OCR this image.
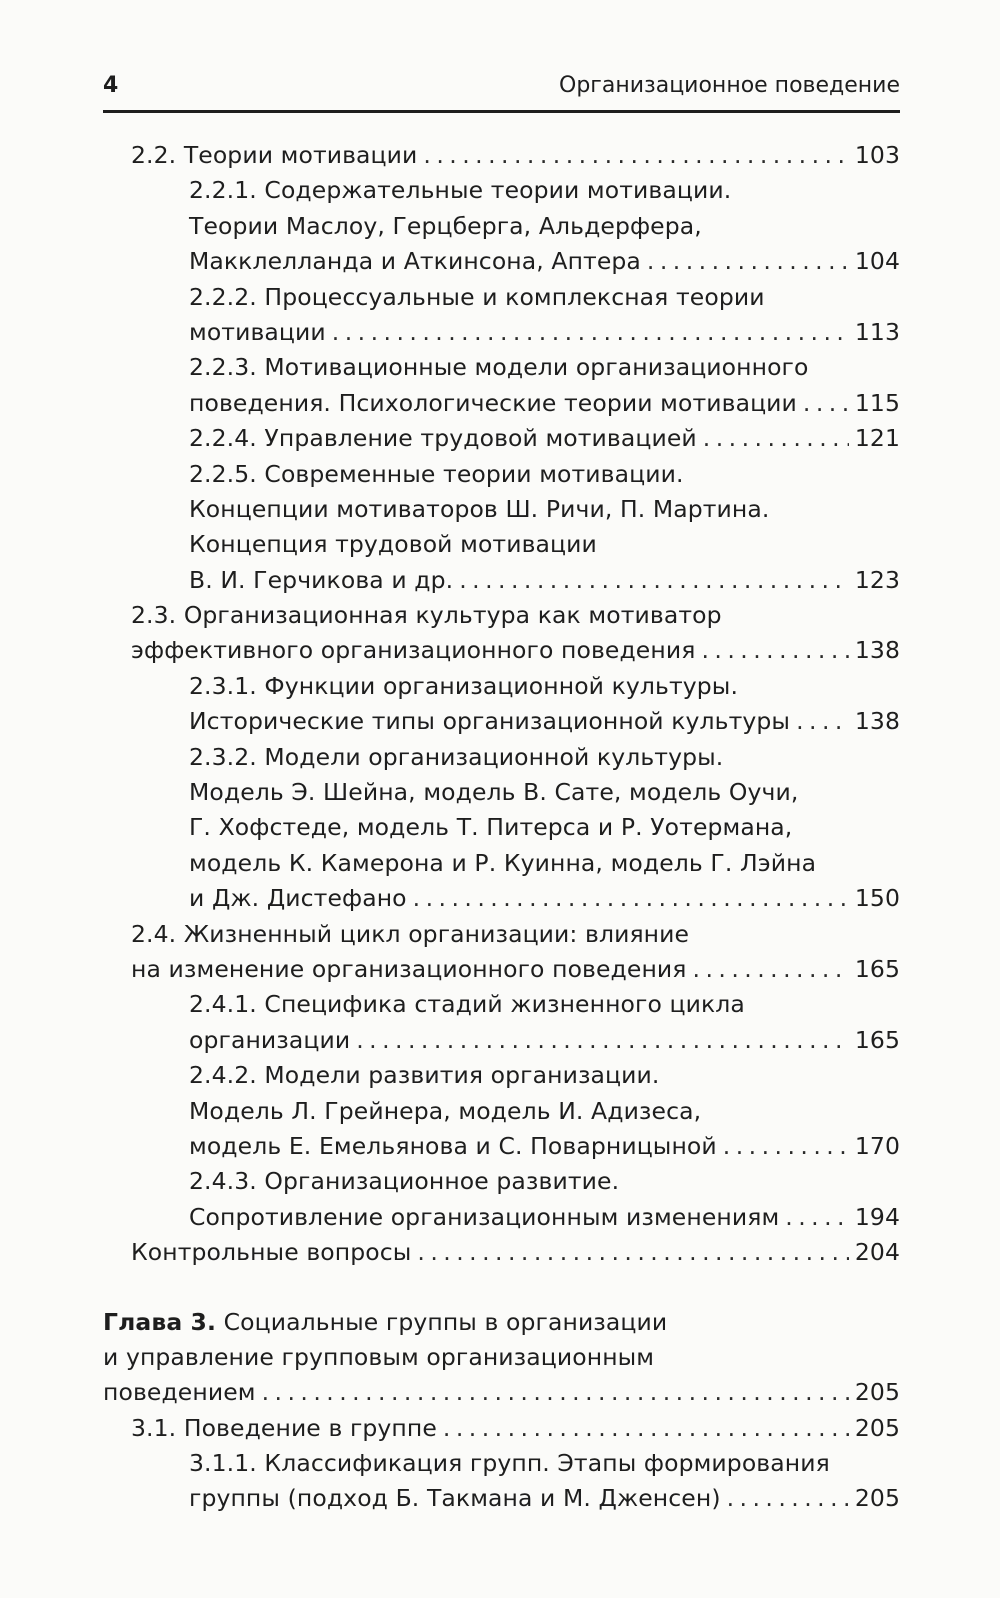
4	Организационное поведение
2.2. Теории мотивации . . .	103
2.2.1. Содержательные теории мотивации.
Теории Маслоу, Герцберга, Альдерфера,
Макклелланда и Аткинсона, Аптера . . .	104
2.2.2. Процессуальные и комплексная теории
мотивации . . .	113
2.2.3. Мотивационные модели организационного
поведения. Психологические теории мотивации . . . 115
2.2.4. Управление трудовой мотивацией . . .	121
2.2.5. Современные теории мотивации.
Концепции мотиваторов Ш. Ричи, П. Мартина.
Концепция трудовой мотивации
В. И. Герчикова и др. . . .	123
2.3. Организационная культура как мотиватор
эффективного организационного поведения . . .	138
2.3.1. Функции организационной культуры.
Исторические типы организационной культуры . . .	138
2.3.2. Модели организационной культуры.
Модель Э. Шейна, модель В. Сате, модель Оучи,
Г. Хофстеде, модель Т. Питерса и Р. Уотермана,
модель К. Камерона и Р. Куинна, модель Г. Лэйна
и Дж. Дистефано . . .	150
2.4. Жизненный цикл организации: влияние
на изменение организационного поведения . . .	165
2.4.1. Специфика стадий жизненного цикла
организации . . .	165
2.4.2. Модели развития организации.
Модель Л. Грейнера, модель И. Адизеса,
модель Е. Емельянова и С. Поварницыной . . .	170
2.4.3. Организационное развитие.
Сопротивление организационным изменениям . . .	194
Контрольные вопросы . . .	204
Глава 3. Социальные группы в организации
и управление групповым организационным
поведением . . .	205
3.1. Поведение в группе . . .	205
3.1.1. Классификация групп. Этапы формирования
группы (подход Б. Такмана и М. Дженсен) . . .	205
